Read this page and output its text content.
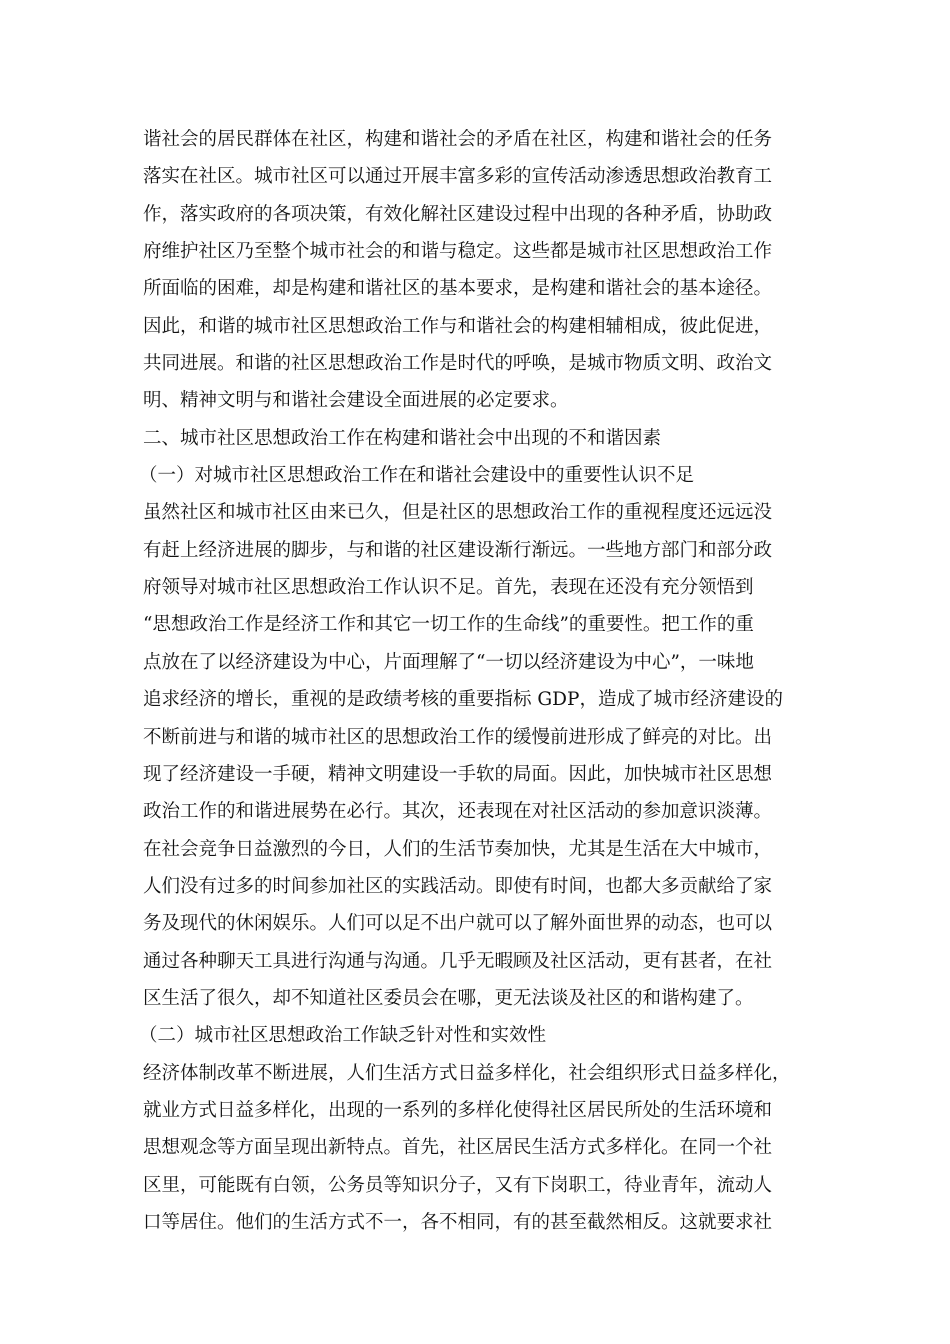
谐社会的居民群体在社区，构建和谐社会的矛盾在社区，构建和谐社会的任务
落实在社区。城市社区可以通过开展丰富多彩的宣传活动渗透思想政治教育工
作，落实政府的各项决策，有效化解社区建设过程中出现的各种矛盾，协助政
府维护社区乃至整个城市社会的和谐与稳定。这些都是城市社区思想政治工作
所面临的困难，却是构建和谐社区的基本要求，是构建和谐社会的基本途径。
因此，和谐的城市社区思想政治工作与和谐社会的构建相辅相成，彼此促进，
共同进展。和谐的社区思想政治工作是时代的呼唤，是城市物质文明、政治文
明、精神文明与和谐社会建设全面进展的必定要求。
二、城市社区思想政治工作在构建和谐社会中出现的不和谐因素
（一）对城市社区思想政治工作在和谐社会建设中的重要性认识不足
虽然社区和城市社区由来已久，但是社区的思想政治工作的重视程度还远远没
有赶上经济进展的脚步，与和谐的社区建设渐行渐远。一些地方部门和部分政
府领导对城市社区思想政治工作认识不足。首先，表现在还没有充分领悟到
“思想政治工作是经济工作和其它一切工作的生命线”的重要性。把工作的重
点放在了以经济建设为中心，片面理解了“一切以经济建设为中心”，一味地
追求经济的增长，重视的是政绩考核的重要指标 GDP，造成了城市经济建设的
不断前进与和谐的城市社区的思想政治工作的缓慢前进形成了鲜亮的对比。出
现了经济建设一手硬，精神文明建设一手软的局面。因此，加快城市社区思想
政治工作的和谐进展势在必行。其次，还表现在对社区活动的参加意识淡薄。
在社会竞争日益激烈的今日，人们的生活节奏加快，尤其是生活在大中城市，
人们没有过多的时间参加社区的实践活动。即使有时间，也都大多贡献给了家
务及现代的休闲娱乐。人们可以足不出户就可以了解外面世界的动态，也可以
通过各种聊天工具进行沟通与沟通。几乎无暇顾及社区活动，更有甚者，在社
区生活了很久，却不知道社区委员会在哪，更无法谈及社区的和谐构建了。
（二）城市社区思想政治工作缺乏针对性和实效性
经济体制改革不断进展，人们生活方式日益多样化，社会组织形式日益多样化，
就业方式日益多样化，出现的一系列的多样化使得社区居民所处的生活环境和
思想观念等方面呈现出新特点。首先，社区居民生活方式多样化。在同一个社
区里，可能既有白领，公务员等知识分子，又有下岗职工，待业青年，流动人
口等居住。他们的生活方式不一，各不相同，有的甚至截然相反。这就要求社
